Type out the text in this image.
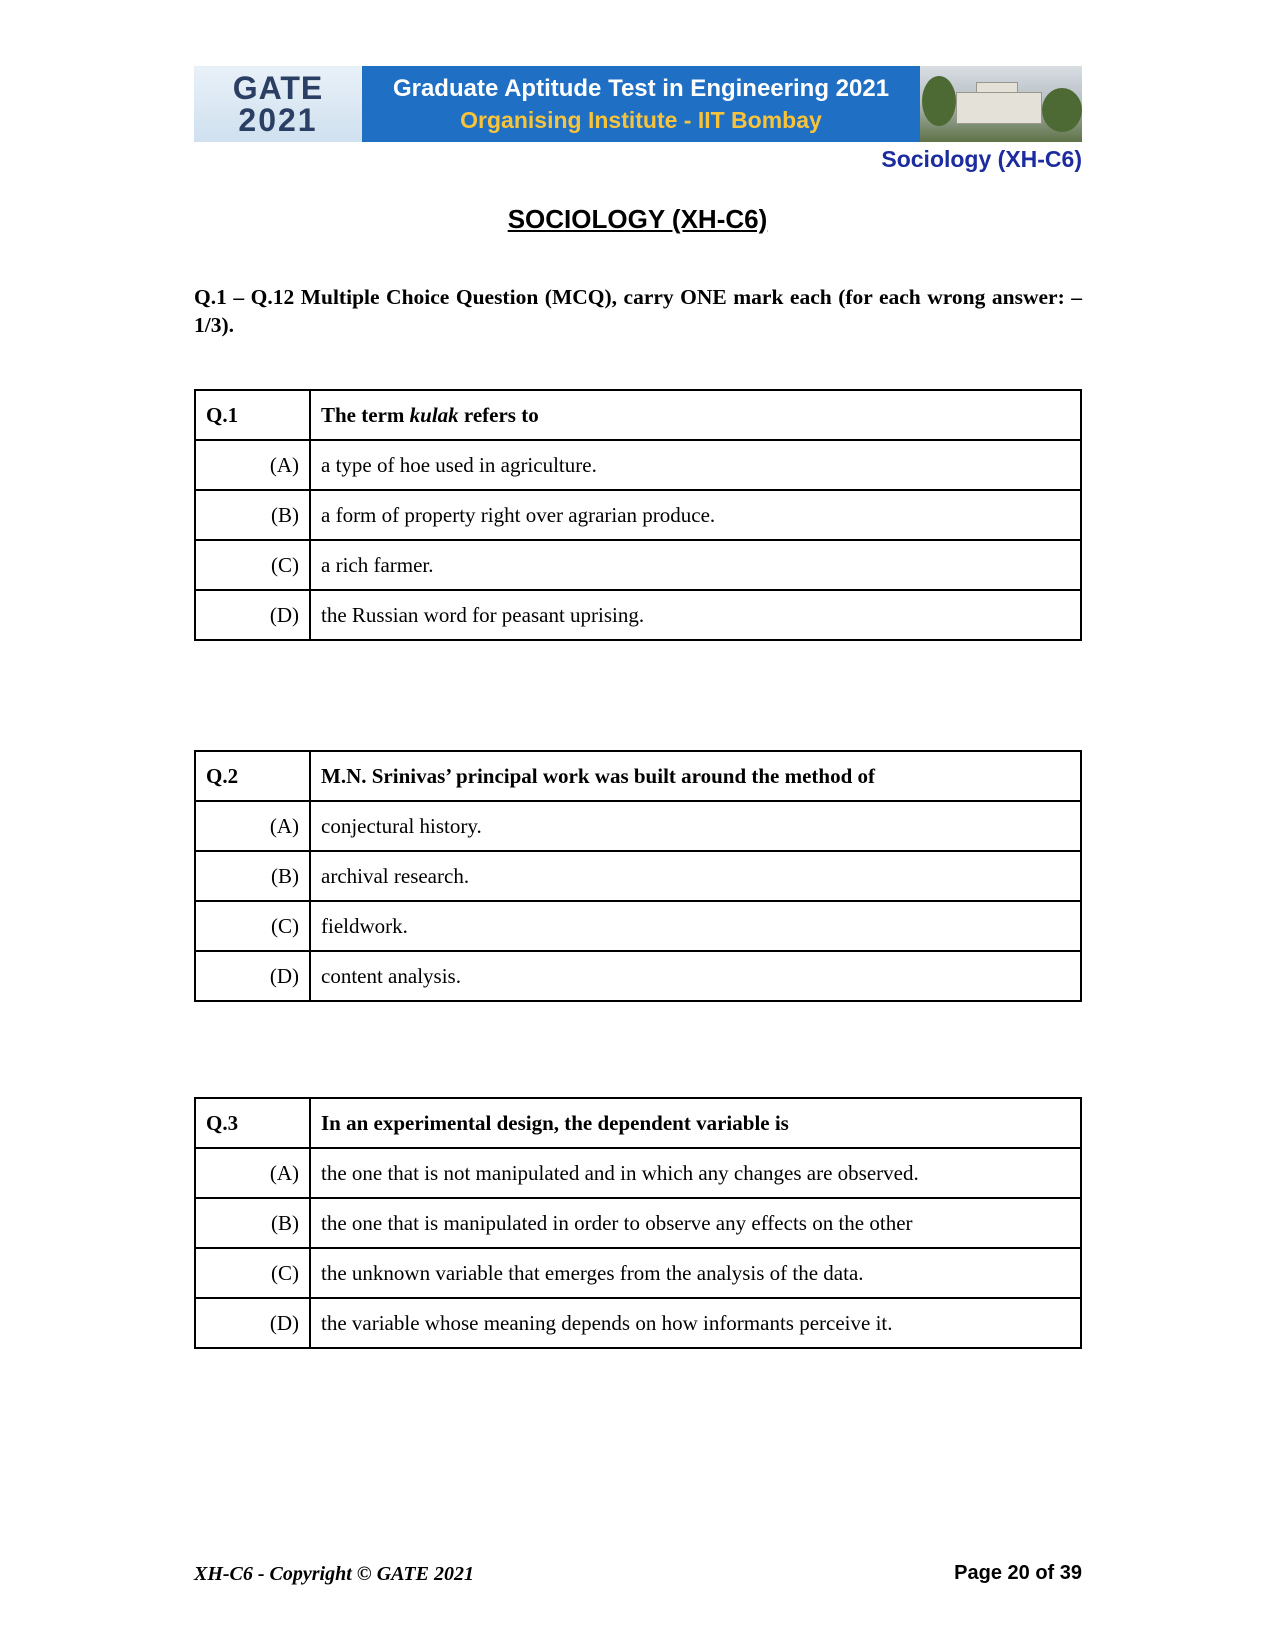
GATE
2021
Graduate Aptitude Test in Engineering 2021
Organising Institute - IIT Bombay
Sociology (XH-C6)
SOCIOLOGY (XH-C6)
Q.1 – Q.12 Multiple Choice Question (MCQ), carry ONE mark each (for each wrong answer: – 1/3).
Q.1	The term kulak refers to
(A)	a type of hoe used in agriculture.
(B)	a form of property right over agrarian produce.
(C)	a rich farmer.
(D)	the Russian word for peasant uprising.
Q.2	M.N. Srinivas’ principal work was built around the method of
(A)	conjectural history.
(B)	archival research.
(C)	fieldwork.
(D)	content analysis.
Q.3	In an experimental design, the dependent variable is
(A)	the one that is not manipulated and in which any changes are observed.
(B)	the one that is manipulated in order to observe any effects on the other
(C)	the unknown variable that emerges from the analysis of the data.
(D)	the variable whose meaning depends on how informants perceive it.
XH-C6 - Copyright © GATE 2021	Page 20 of 39
